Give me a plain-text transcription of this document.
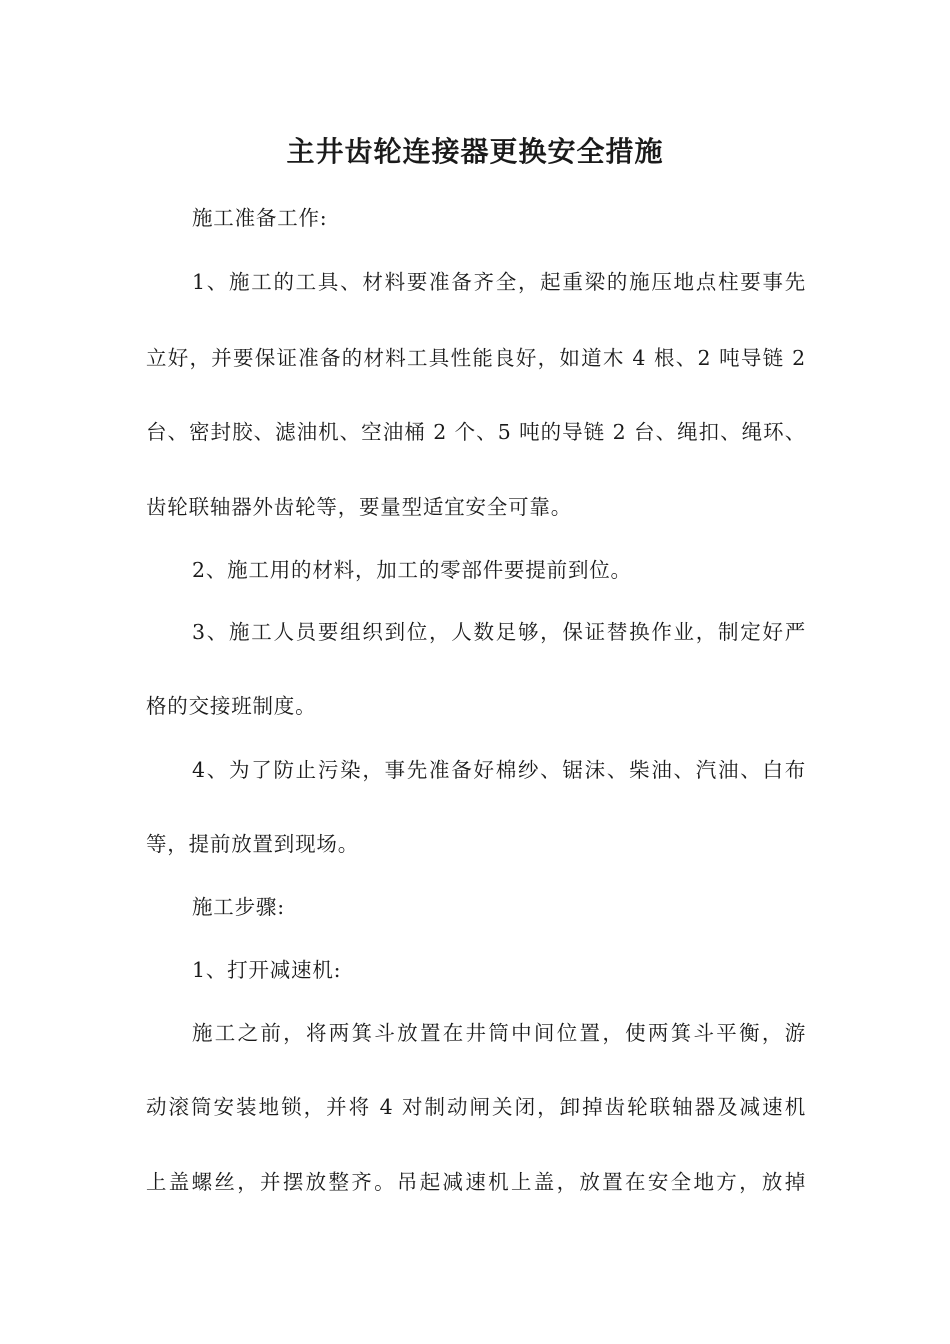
主井齿轮连接器更换安全措施
施工准备工作:
1、施工的工具、材料要准备齐全，起重梁的施压地点柱要事先
立好，并要保证准备的材料工具性能良好，如道木 4 根、2 吨导链 2
台、密封胶、滤油机、空油桶 2 个、5 吨的导链 2 台、绳扣、绳环、
齿轮联轴器外齿轮等，要量型适宜安全可靠。
2、施工用的材料，加工的零部件要提前到位。
3、施工人员要组织到位，人数足够，保证替换作业，制定好严
格的交接班制度。
4、为了防止污染，事先准备好棉纱、锯沫、柴油、汽油、白布
等，提前放置到现场。
施工步骤:
1、打开减速机:
施工之前，将两箕斗放置在井筒中间位置，使两箕斗平衡，游
动滚筒安装地锁，并将 4 对制动闸关闭，卸掉齿轮联轴器及减速机
上盖螺丝，并摆放整齐。吊起减速机上盖，放置在安全地方，放掉
